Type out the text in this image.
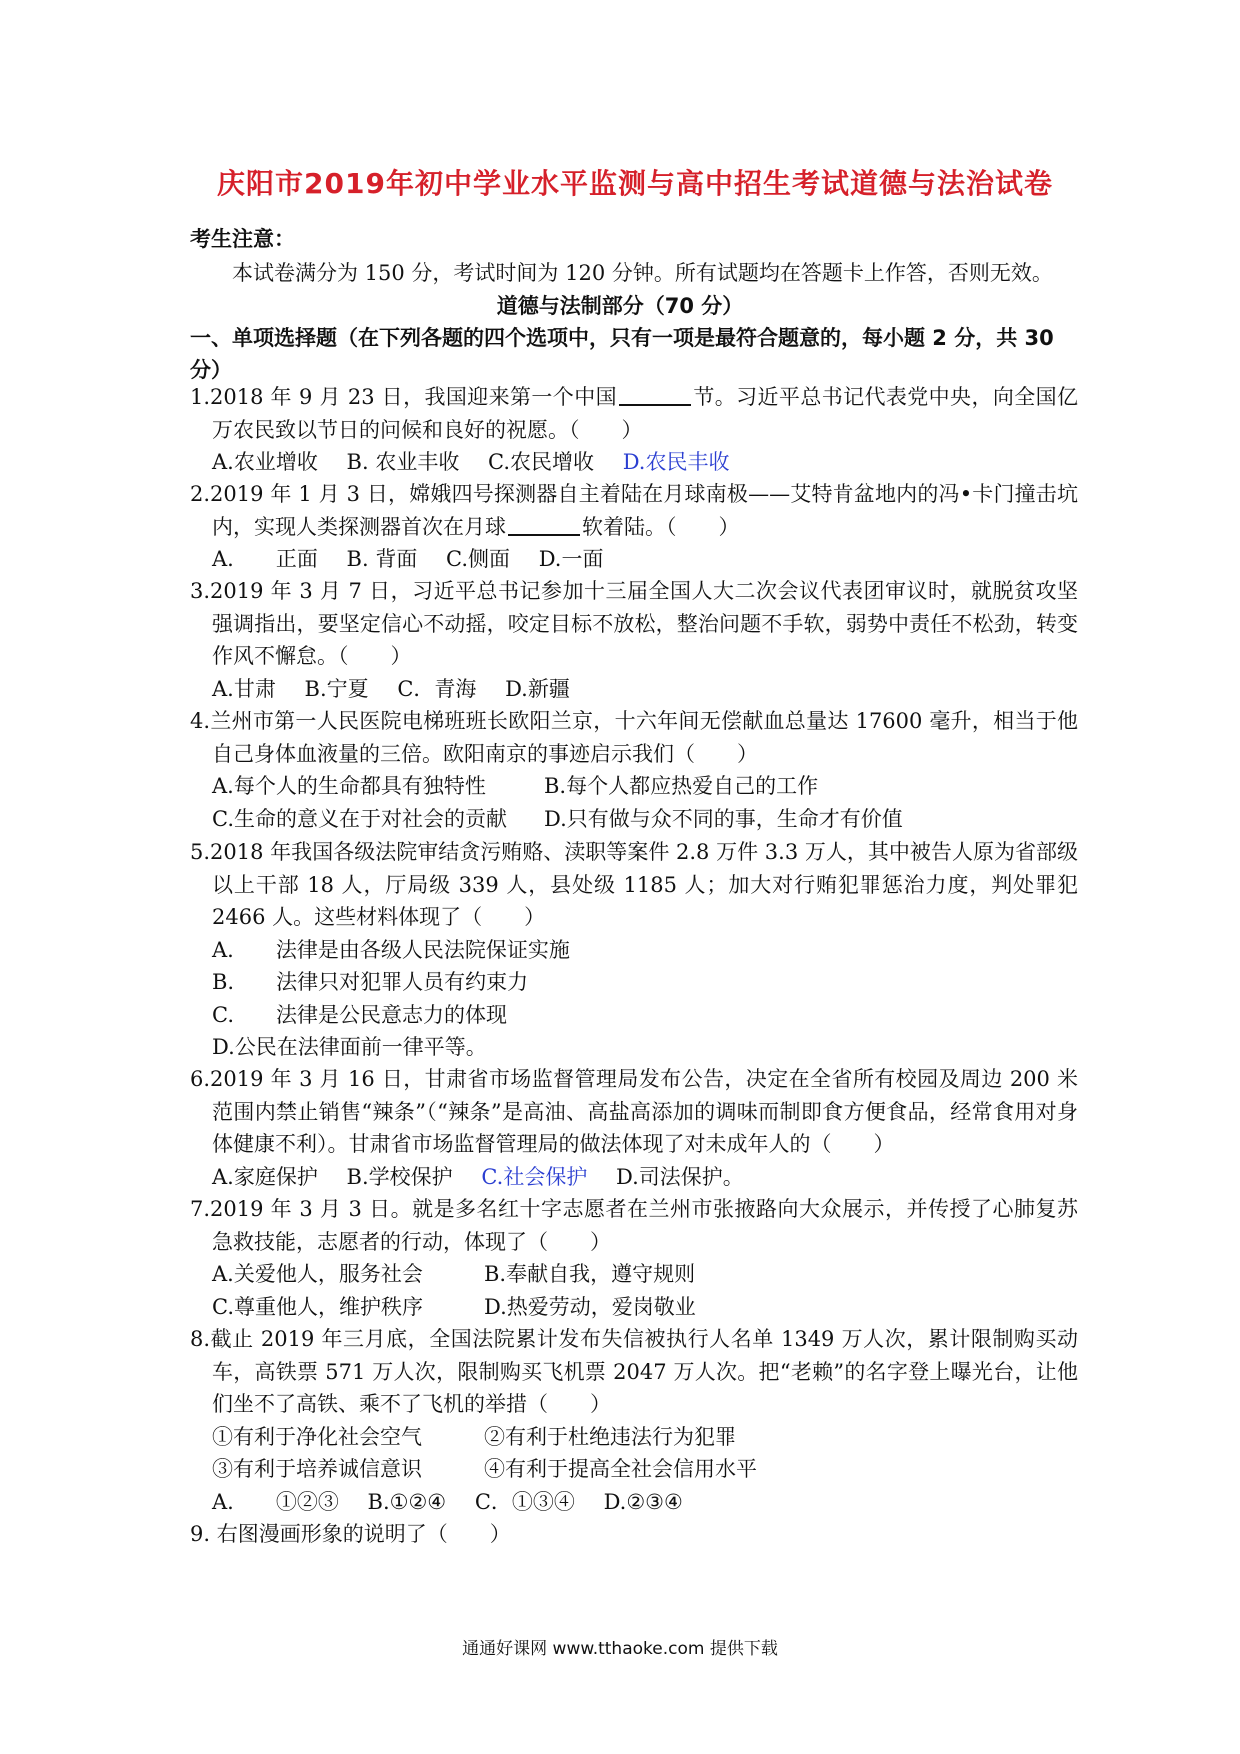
庆阳市2019年初中学业水平监测与高中招生考试道德与法治试卷
考生注意：
本试卷满分为 150 分，考试时间为 120 分钟。所有试题均在答题卡上作答，否则无效。
道德与法制部分（70 分）
一、单项选择题（在下列各题的四个选项中，只有一项是最符合题意的，每小题 2 分，共 30 分）
1.2018 年 9 月 23 日，我国迎来第一个中国	节。习近平总书记代表党中央，向全国亿万农民致以节日的问候和良好的祝愿。（　　）
A.农业增收 B. 农业丰收 C.农民增收 D.农民丰收
2.2019 年 1 月 3 日，嫦娥四号探测器自主着陆在月球南极——艾特肯盆地内的冯•卡门撞击坑内，实现人类探测器首次在月球	软着陆。（　　）
A.　　正面 B. 背面 C.侧面 D.一面
3.2019 年 3 月 7 日，习近平总书记参加十三届全国人大二次会议代表团审议时，就脱贫攻坚强调指出，要坚定信心不动摇，咬定目标不放松，整治问题不手软，弱势中责任不松劲，转变作风不懈怠。（　　）
A.甘肃 B.宁夏 C．青海 D.新疆
4.兰州市第一人民医院电梯班班长欧阳兰京，十六年间无偿献血总量达 17600 毫升，相当于他自己身体血液量的三倍。欧阳南京的事迹启示我们（　　）
A.每个人的生命都具有独特性	B.每个人都应热爱自己的工作
C.生命的意义在于对社会的贡献 D.只有做与众不同的事，生命才有价值
5.2018 年我国各级法院审结贪污贿赂、渎职等案件 2.8 万件 3.3 万人，其中被告人原为省部级以上干部 18 人，厅局级 339 人，县处级 1185 人；加大对行贿犯罪惩治力度，判处罪犯 2466 人。这些材料体现了（　　）
A.　　法律是由各级人民法院保证实施
B.　　法律只对犯罪人员有约束力
C.　　法律是公民意志力的体现
D.公民在法律面前一律平等。
6.2019 年 3 月 16 日，甘肃省市场监督管理局发布公告，决定在全省所有校园及周边 200 米范围内禁止销售“辣条”（“辣条”是高油、高盐高添加的调味而制即食方便食品，经常食用对身体健康不利）。甘肃省市场监督管理局的做法体现了对未成年人的（　　）
A.家庭保护 B.学校保护 C.社会保护 D.司法保护。
7.2019 年 3 月 3 日。就是多名红十字志愿者在兰州市张掖路向大众展示，并传授了心肺复苏急救技能，志愿者的行动，体现了（　　）
A.关爱他人，服务社会	B.奉献自我，遵守规则
C.尊重他人，维护秩序	D.热爱劳动，爱岗敬业
8.截止 2019 年三月底，全国法院累计发布失信被执行人名单 1349 万人次，累计限制购买动车，高铁票 571 万人次，限制购买飞机票 2047 万人次。把“老赖”的名字登上曝光台，让他们坐不了高铁、乘不了飞机的举措（　　）
①有利于净化社会空气	②有利于杜绝违法行为犯罪
③有利于培养诚信意识	④有利于提高全社会信用水平
A.　　①②③ B.①②④ C．①③④ D.②③④
9. 右图漫画形象的说明了（　　）
通通好课网 www.tthaoke.com 提供下载
